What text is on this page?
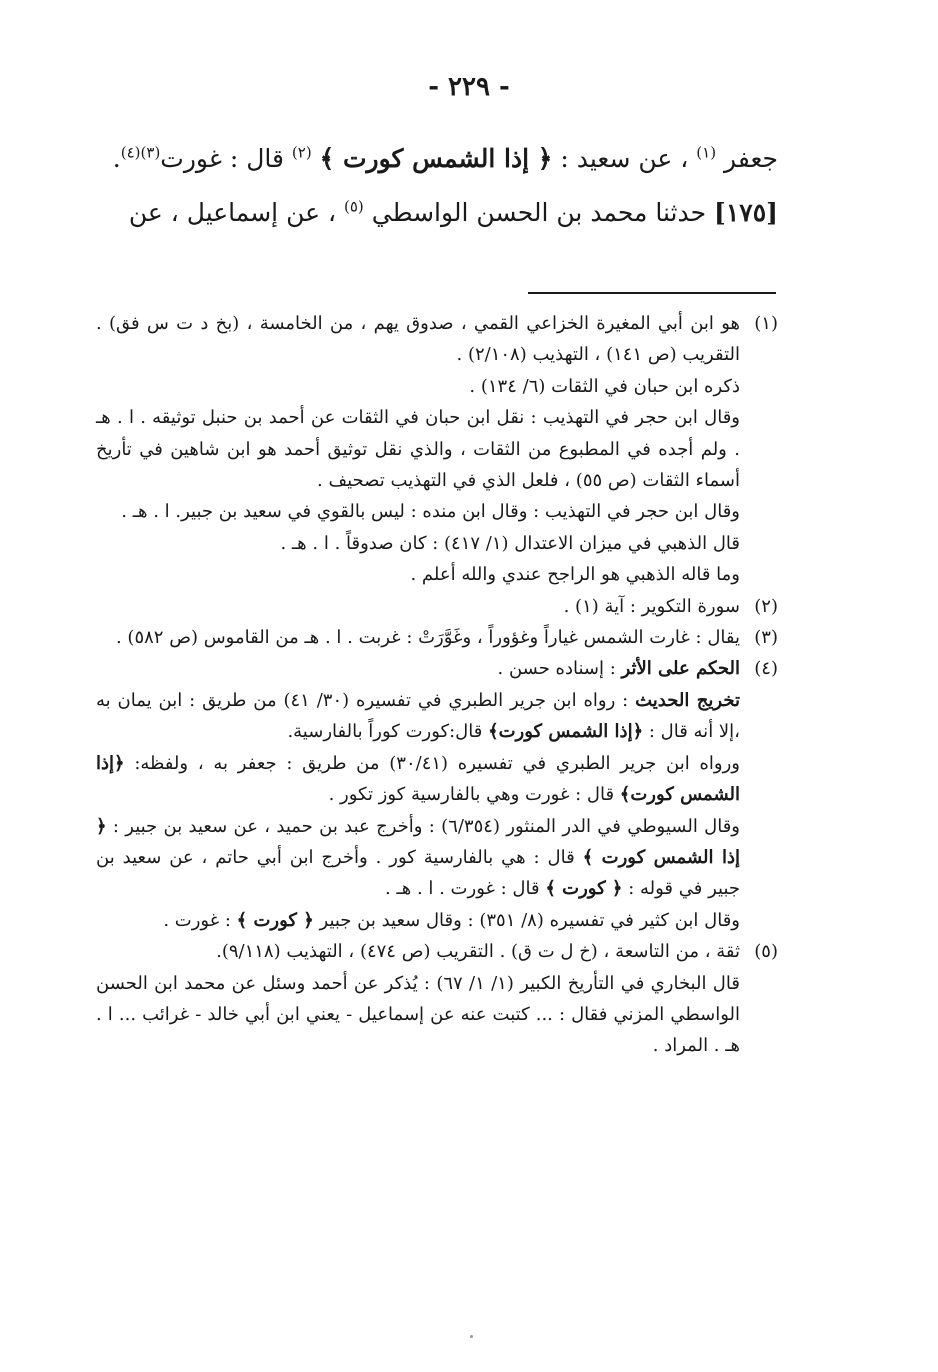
- ٢٢٩ -

جعفر $^{(١)}$ ، عن سعيد : ﴿ إذا الشمس كورت ﴾ $^{(٢)}$ قال : غورت$^{(٣)(٤)}$.

[١٧٥] حدثنا محمد بن الحسن الواسطي $^{(٥)}$ ، عن إسماعيل ، عن

(١)هو ابن أبي المغيرة الخزاعي القمي ، صدوق يهم ، من الخامسة ، (بخ د ت س فق) . التقريب (ص ١٤١) ، التهذيب (٢/١٠٨) .

ذكره ابن حبان في الثقات (٦/ ١٣٤) .

وقال ابن حجر في التهذيب : نقل ابن حبان في الثقات عن أحمد بن حنبل توثيقه . ا . هـ . ولم أجده في المطبوع من الثقات ، والذي نقل توثيق أحمد هو ابن شاهين في تأريخ أسماء الثقات (ص ٥٥) ، فلعل الذي في التهذيب تصحيف .

وقال ابن حجر في التهذيب : وقال ابن منده : ليس بالقوي في سعيد بن جبير. ا . هـ .

قال الذهبي في ميزان الاعتدال (١/ ٤١٧) : كان صدوقاً . ا . هـ .

وما قاله الذهبي هو الراجح عندي والله أعلم .

(٢)سورة التكوير : آية (١) .

(٣)يقال : غارت الشمس غياراً وغؤوراً ، وغَوَّرَتْ : غربت . ا . هـ من القاموس (ص ٥٨٢) .

(٤)الحكم على الأثر : إسناده حسن .

تخريج الحديث : رواه ابن جرير الطبري في تفسيره (٣٠/ ٤١) من طريق : ابن يمان به ،إلا أنه قال : ﴿إذا الشمس كورت﴾ قال:كورت كوراً بالفارسية.

ورواه ابن جرير الطبري في تفسيره (٣٠/٤١) من طريق : جعفر به ، ولفظه: ﴿إذا الشمس كورت﴾ قال : غورت وهي بالفارسية كوز تكور .

وقال السيوطي في الدر المنثور (٦/٣٥٤) : وأخرج عبد بن حميد ، عن سعيد بن جبير : ﴿ إذا الشمس كورت ﴾ قال : هي بالفارسية كور . وأخرج ابن أبي حاتم ، عن سعيد بن جبير في قوله : ﴿ كورت ﴾ قال : غورت . ا . هـ .

وقال ابن كثير في تفسيره (٨/ ٣٥١) : وقال سعيد بن جبير ﴿ كورت ﴾ : غورت .

(٥)ثقة ، من التاسعة ، (خ ل ت ق) . التقريب (ص ٤٧٤) ، التهذيب (٩/١١٨).

قال البخاري في التأريخ الكبير (١/ ١/ ٦٧) : يُذكر عن أحمد وسئل عن محمد ابن الحسن الواسطي المزني فقال : ... كتبت عنه عن إسماعيل - يعني ابن أبي خالد - غرائب ... ا . هـ . المراد .
